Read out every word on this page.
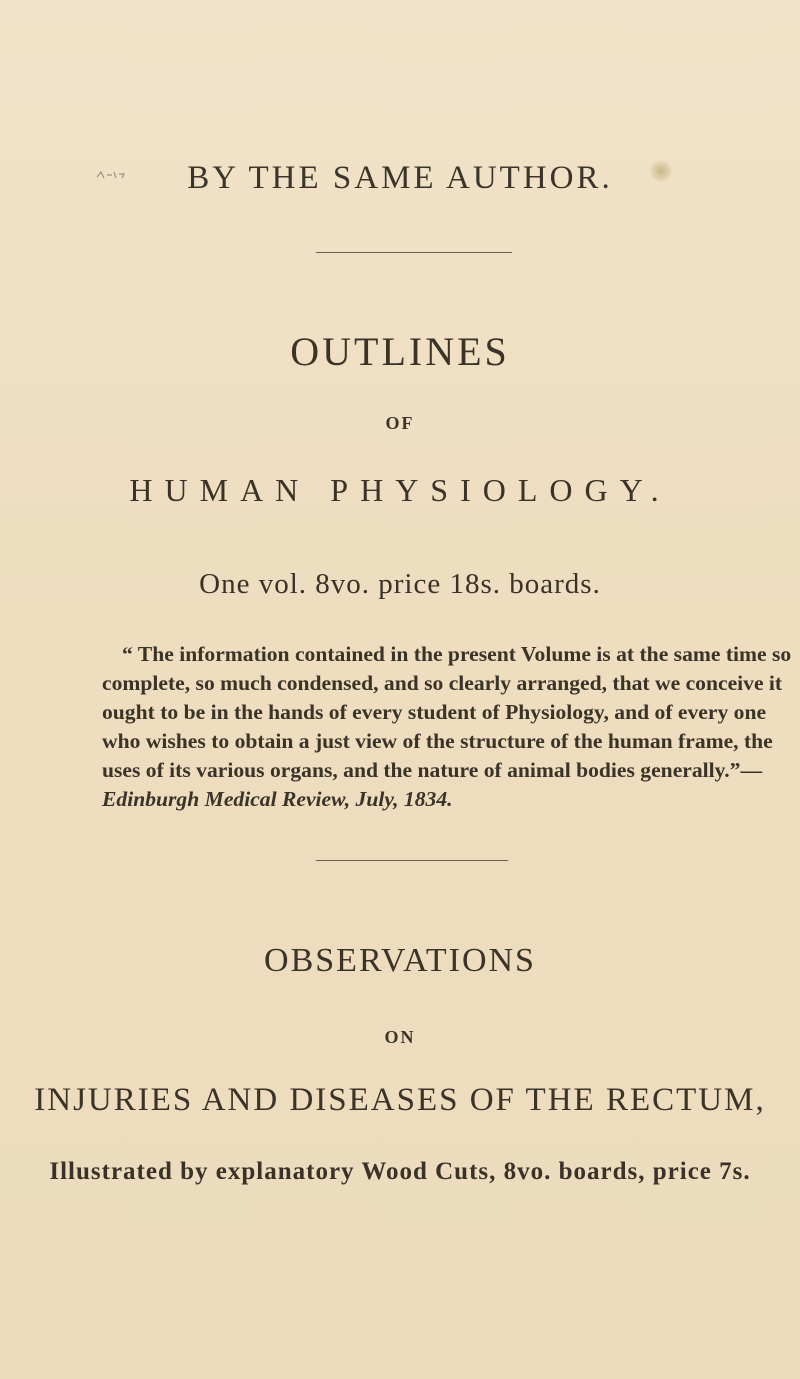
BY THE SAME AUTHOR.
OUTLINES
OF
HUMAN PHYSIOLOGY.
One vol. 8vo. price 18s. boards.
“ The information contained in the present Volume is at the same time so
complete, so much condensed, and so clearly arranged, that we conceive it
ought to be in the hands of every student of Physiology, and of every one
who wishes to obtain a just view of the structure of the human frame, the
uses of its various organs, and the nature of animal bodies generally.”—
Edinburgh Medical Review, July, 1834.
OBSERVATIONS
ON
INJURIES AND DISEASES OF THE RECTUM,
Illustrated by explanatory Wood Cuts, 8vo. boards, price 7s.
